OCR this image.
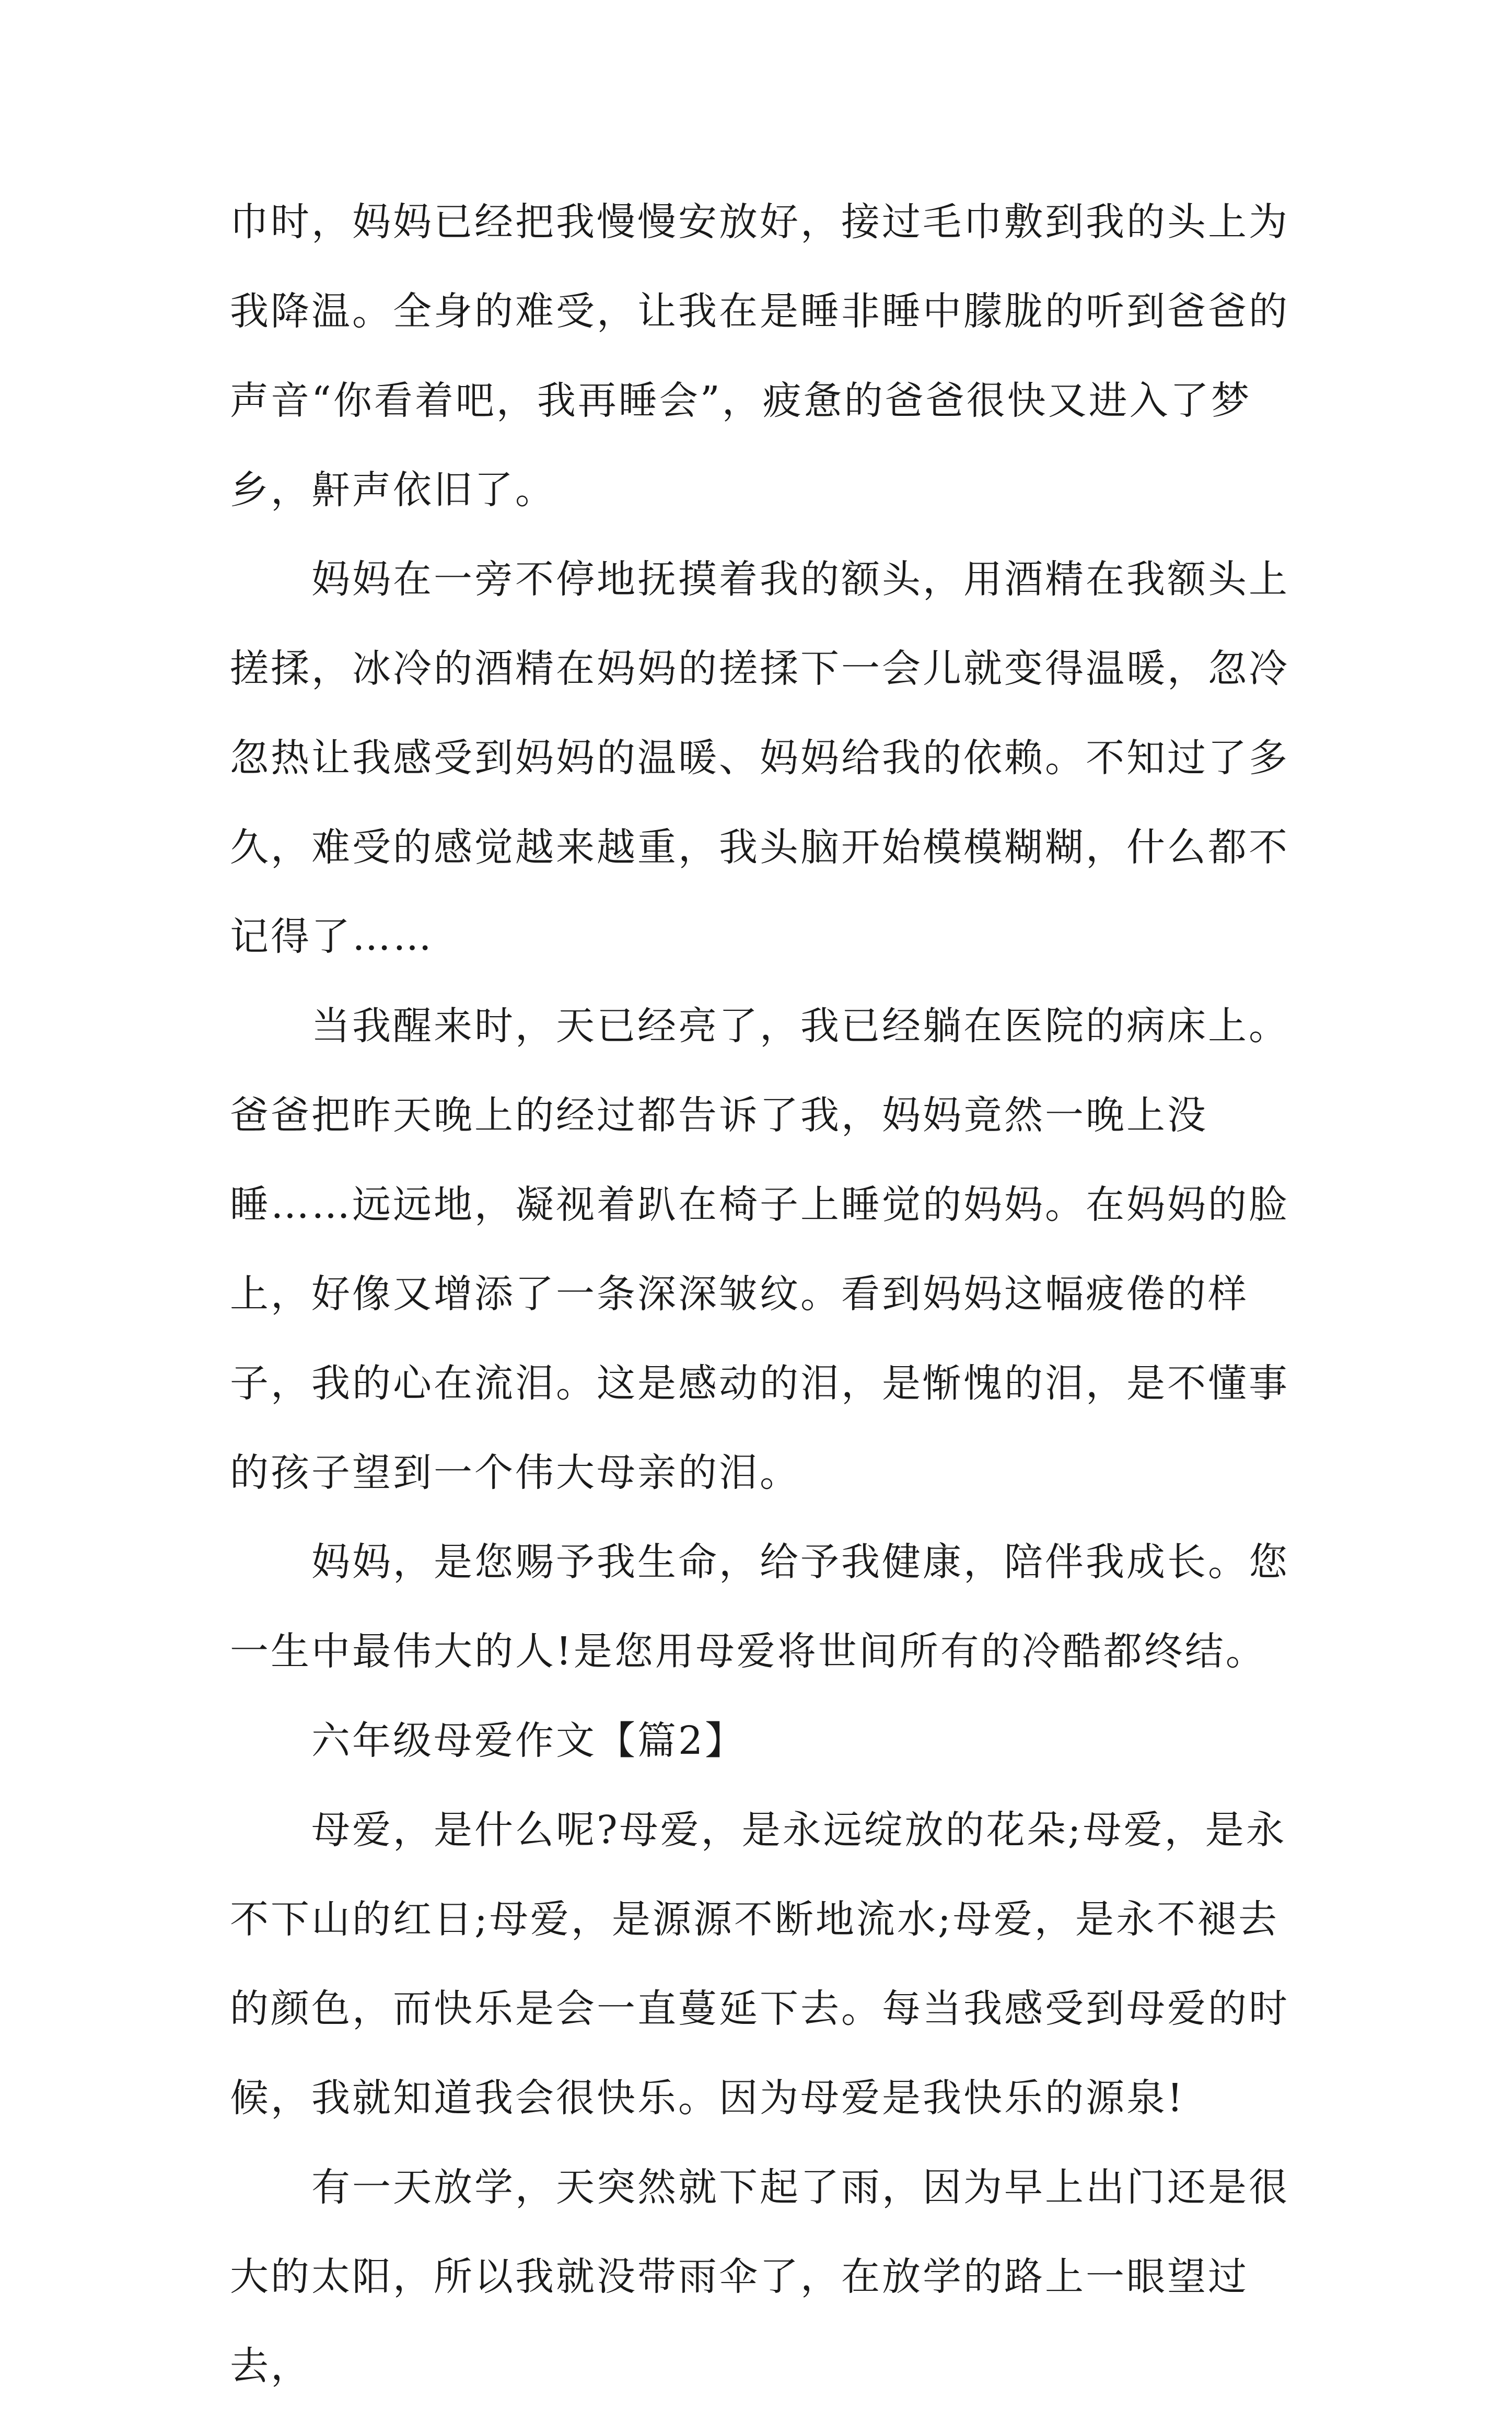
巾时，妈妈已经把我慢慢安放好，接过毛巾敷到我的头上为我降温。全身的难受，让我在是睡非睡中朦胧的听到爸爸的声音“你看着吧，我再睡会”，疲惫的爸爸很快又进入了梦乡，鼾声依旧了。

　　妈妈在一旁不停地抚摸着我的额头，用酒精在我额头上搓揉，冰冷的酒精在妈妈的搓揉下一会儿就变得温暖，忽冷忽热让我感受到妈妈的温暖、妈妈给我的依赖。不知过了多久，难受的感觉越来越重，我头脑开始模模糊糊，什么都不记得了……

　　当我醒来时，天已经亮了，我已经躺在医院的病床上。爸爸把昨天晚上的经过都告诉了我，妈妈竟然一晚上没睡……远远地，凝视着趴在椅子上睡觉的妈妈。在妈妈的脸上，好像又增添了一条深深皱纹。看到妈妈这幅疲倦的样子，我的心在流泪。这是感动的泪，是惭愧的泪，是不懂事的孩子望到一个伟大母亲的泪。

　　妈妈，是您赐予我生命，给予我健康，陪伴我成长。您一生中最伟大的人!是您用母爱将世间所有的冷酷都终结。

　　六年级母爱作文【篇2】

　　母爱，是什么呢?母爱，是永远绽放的花朵;母爱，是永不下山的红日;母爱，是源源不断地流水;母爱，是永不褪去的颜色，而快乐是会一直蔓延下去。每当我感受到母爱的时候，我就知道我会很快乐。因为母爱是我快乐的源泉!

　　有一天放学，天突然就下起了雨，因为早上出门还是很大的太阳，所以我就没带雨伞了，在放学的路上一眼望过去，
